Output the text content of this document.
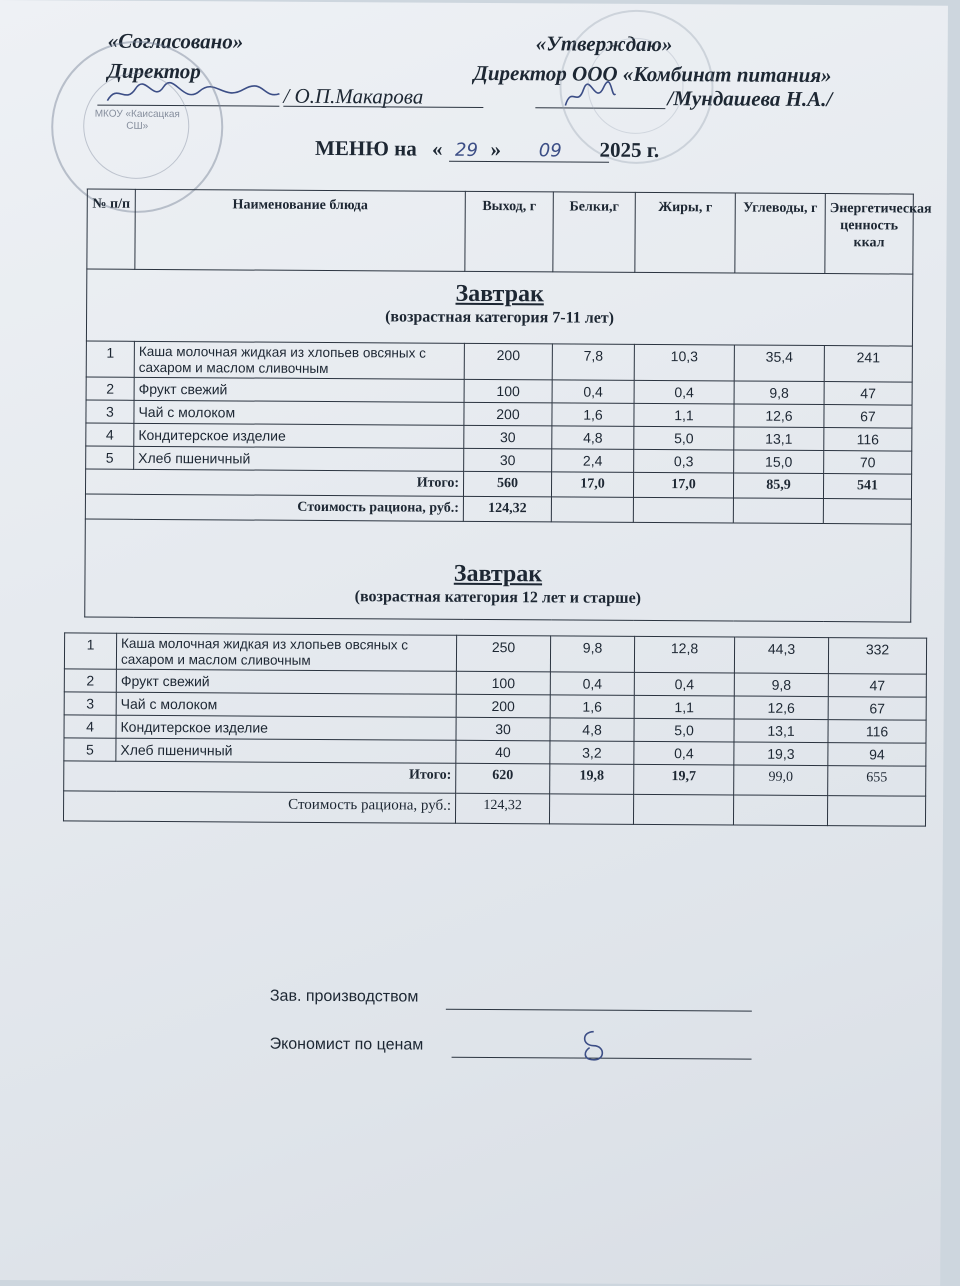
«Согласовано»
Директор
/ О.П.Макарова
МКОУ «Каисацкая СШ»
«Утверждаю»
Директор ООО «Комбинат питания»
/Мундашева Н.А./
МЕНЮ на « 29 » 09 2025 г.
№ п/п	Наименование блюда	Выход, г	Белки,г	Жиры, г	Углеводы, г	Энергетическая ценность ккал

Завтрак
(возрастная категория 7-11 лет)						

1	Каша молочная жидкая из хлопьев овсяных с сахаром и маслом сливочным	200	7,8	10,3	35,4	241
2	Фрукт свежий	100	0,4	0,4	9,8	47
3	Чай с молоком	200	1,6	1,1	12,6	67
4	Кондитерское изделие	30	4,8	5,0	13,1	116
5	Хлеб пшеничный	30	2,4	0,3	15,0	70
Итого:		560	17,0	17,0	85,9	541
Стоимость рациона, руб.:		124,32				

Завтрак
(возрастная категория 12 лет и старше)						
1	Каша молочная жидкая из хлопьев овсяных с сахаром и маслом сливочным	250	9,8	12,8	44,3	332
2	Фрукт свежий	100	0,4	0,4	9,8	47
3	Чай с молоком	200	1,6	1,1	12,6	67
4	Кондитерское изделие	30	4,8	5,0	13,1	116
5	Хлеб пшеничный	40	3,2	0,4	19,3	94
Итого:		620	19,8	19,7	99,0	655
Стоимость рациона, руб.:		124,32				
Зав. производством
Экономист по ценам
